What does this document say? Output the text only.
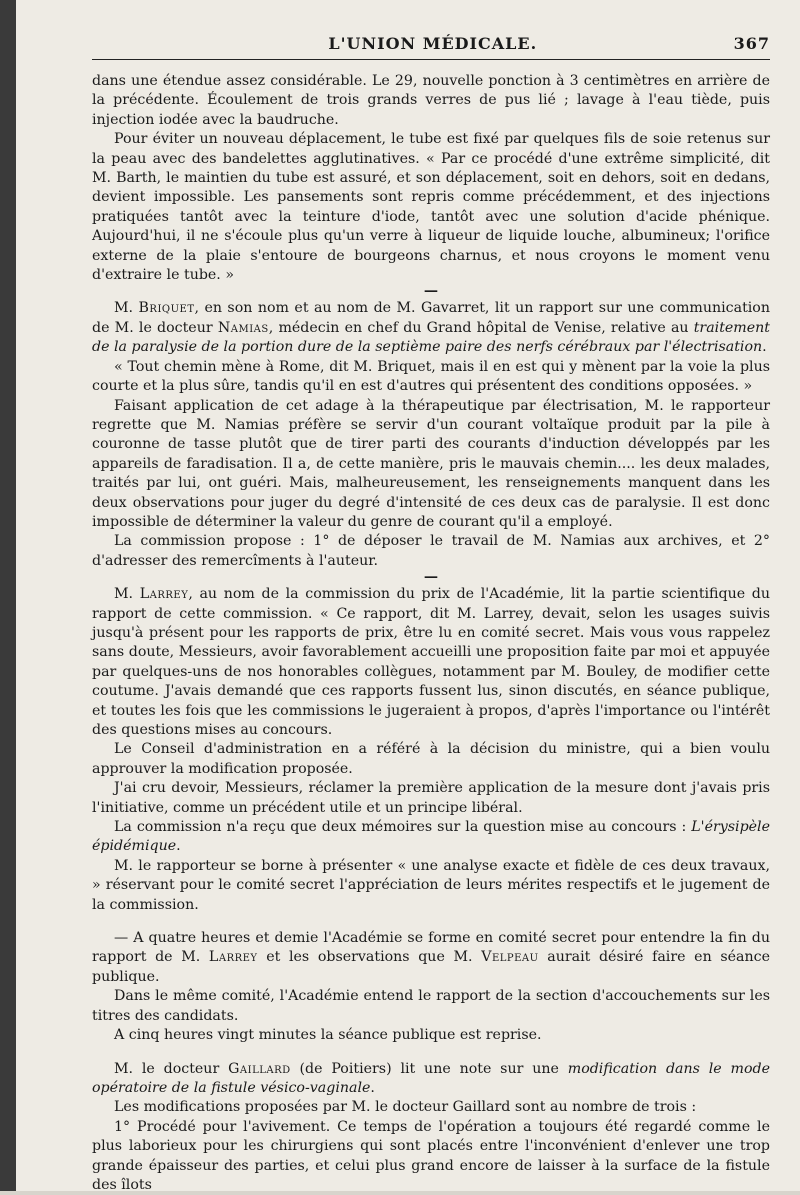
L'UNION MÉDICALE.	367

dans une étendue assez considérable. Le 29, nouvelle ponction à 3 centimètres en arrière de la précédente. Écoulement de trois grands verres de pus lié ; lavage à l'eau tiède, puis injection iodée avec la baudruche.

Pour éviter un nouveau déplacement, le tube est fixé par quelques fils de soie retenus sur la peau avec des bandelettes agglutinatives. « Par ce procédé d'une extrême simplicité, dit M. Barth, le maintien du tube est assuré, et son déplacement, soit en dehors, soit en dedans, devient impossible. Les pansements sont repris comme précédemment, et des injections pratiquées tantôt avec la teinture d'iode, tantôt avec une solution d'acide phénique. Aujourd'hui, il ne s'écoule plus qu'un verre à liqueur de liquide louche, albumineux; l'orifice externe de la plaie s'entoure de bourgeons charnus, et nous croyons le moment venu d'extraire le tube. »

—

M. Briquet, en son nom et au nom de M. Gavarret, lit un rapport sur une communication de M. le docteur Namias, médecin en chef du Grand hôpital de Venise, relative au traitement de la paralysie de la portion dure de la septième paire des nerfs cérébraux par l'électrisation.

« Tout chemin mène à Rome, dit M. Briquet, mais il en est qui y mènent par la voie la plus courte et la plus sûre, tandis qu'il en est d'autres qui présentent des conditions opposées. »

Faisant application de cet adage à la thérapeutique par électrisation, M. le rapporteur regrette que M. Namias préfère se servir d'un courant voltaïque produit par la pile à couronne de tasse plutôt que de tirer parti des courants d'induction développés par les appareils de faradisation. Il a, de cette manière, pris le mauvais chemin.... les deux malades, traités par lui, ont guéri. Mais, malheureusement, les renseignements manquent dans les deux observations pour juger du degré d'intensité de ces deux cas de paralysie. Il est donc impossible de déterminer la valeur du genre de courant qu'il a employé.

La commission propose : 1° de déposer le travail de M. Namias aux archives, et 2° d'adresser des remercîments à l'auteur.

—

M. Larrey, au nom de la commission du prix de l'Académie, lit la partie scientifique du rapport de cette commission. « Ce rapport, dit M. Larrey, devait, selon les usages suivis jusqu'à présent pour les rapports de prix, être lu en comité secret. Mais vous vous rappelez sans doute, Messieurs, avoir favorablement accueilli une proposition faite par moi et appuyée par quelques-uns de nos honorables collègues, notamment par M. Bouley, de modifier cette coutume. J'avais demandé que ces rapports fussent lus, sinon discutés, en séance publique, et toutes les fois que les commissions le jugeraient à propos, d'après l'importance ou l'intérêt des questions mises au concours.

Le Conseil d'administration en a référé à la décision du ministre, qui a bien voulu approuver la modification proposée.

J'ai cru devoir, Messieurs, réclamer la première application de la mesure dont j'avais pris l'initiative, comme un précédent utile et un principe libéral.

La commission n'a reçu que deux mémoires sur la question mise au concours : L'érysipèle épidémique.

M. le rapporteur se borne à présenter « une analyse exacte et fidèle de ces deux travaux, » réservant pour le comité secret l'appréciation de leurs mérites respectifs et le jugement de la commission.

— A quatre heures et demie l'Académie se forme en comité secret pour entendre la fin du rapport de M. Larrey et les observations que M. Velpeau aurait désiré faire en séance publique.

Dans le même comité, l'Académie entend le rapport de la section d'accouchements sur les titres des candidats.

A cinq heures vingt minutes la séance publique est reprise.

M. le docteur Gaillard (de Poitiers) lit une note sur une modification dans le mode opératoire de la fistule vésico-vaginale.

Les modifications proposées par M. le docteur Gaillard sont au nombre de trois :

1° Procédé pour l'avivement. Ce temps de l'opération a toujours été regardé comme le plus laborieux pour les chirurgiens qui sont placés entre l'inconvénient d'enlever une trop grande épaisseur des parties, et celui plus grand encore de laisser à la surface de la fistule des îlots
